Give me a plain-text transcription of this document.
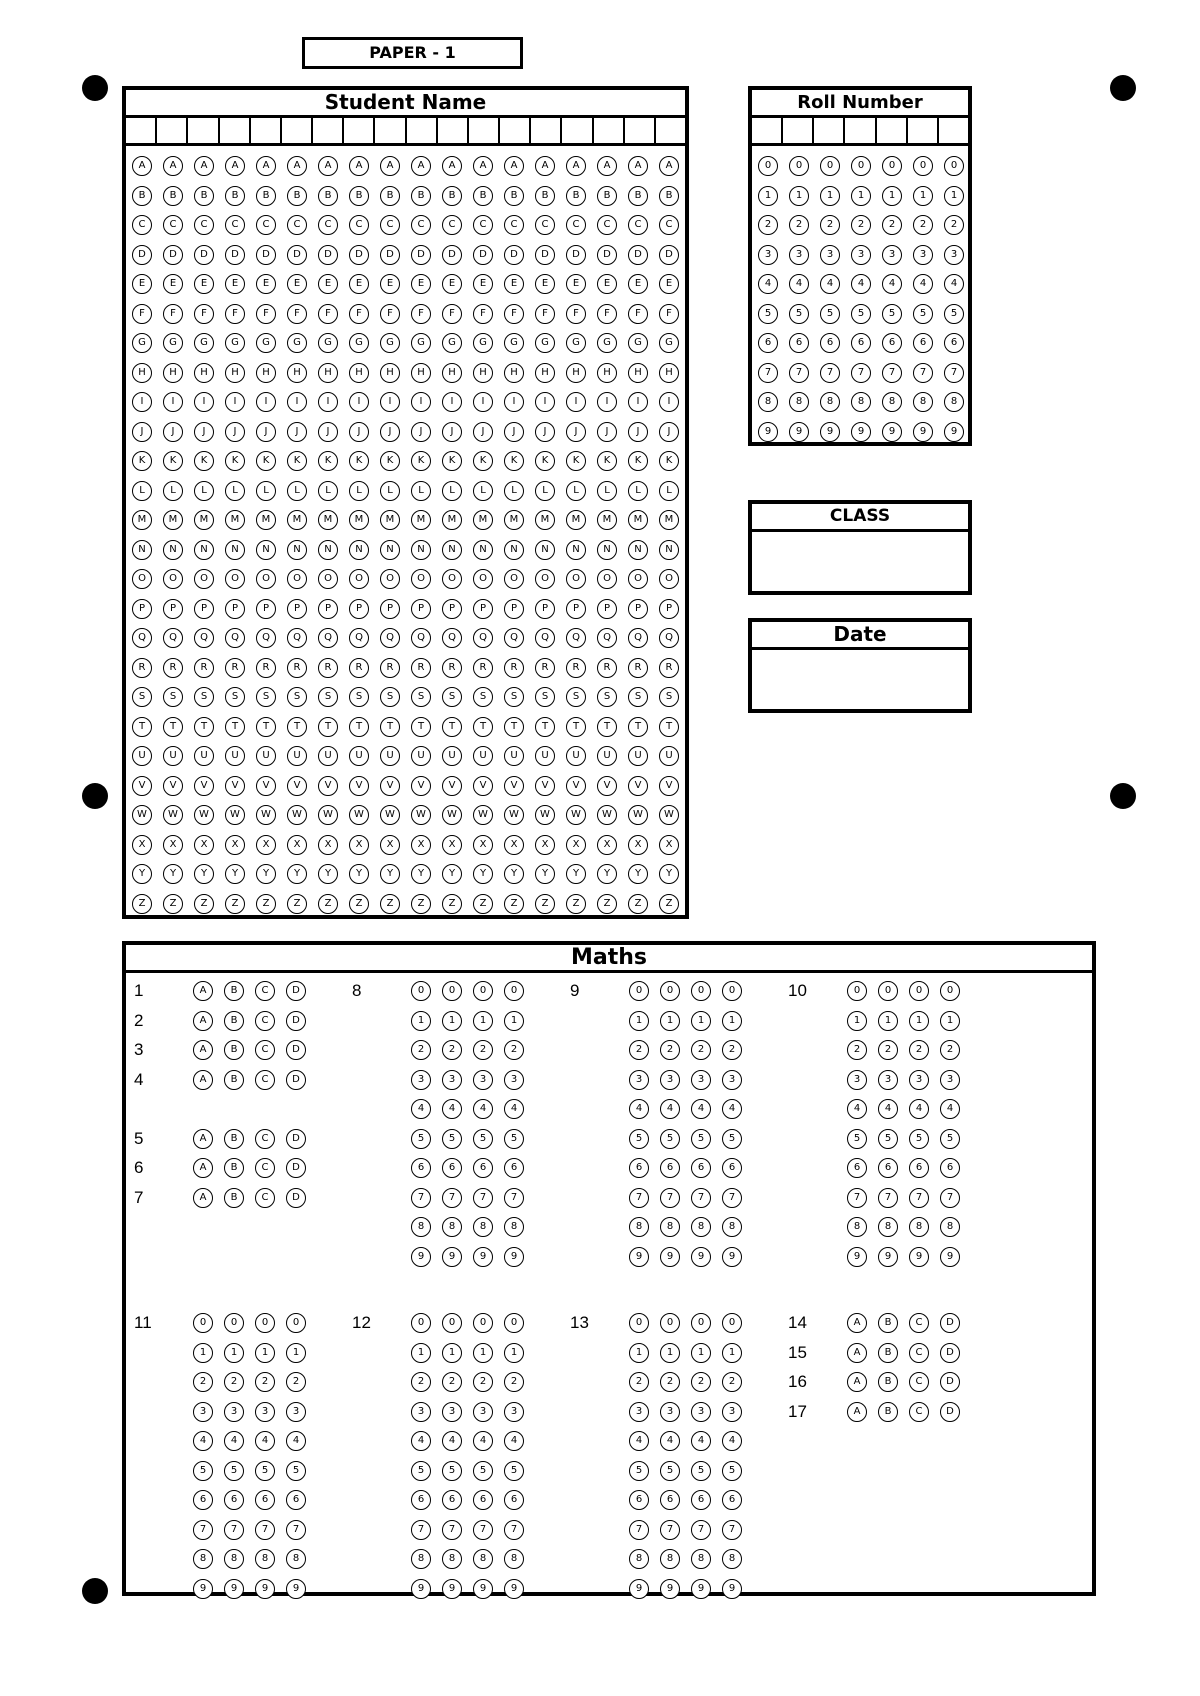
PAPER - 1
Student Name
A	A	A	A	A	A	A	A	A	A	A	A	A	A	A	A	A	A
B	B	B	B	B	B	B	B	B	B	B	B	B	B	B	B	B	B
C	C	C	C	C	C	C	C	C	C	C	C	C	C	C	C	C	C
D	D	D	D	D	D	D	D	D	D	D	D	D	D	D	D	D	D
E	E	E	E	E	E	E	E	E	E	E	E	E	E	E	E	E	E
F	F	F	F	F	F	F	F	F	F	F	F	F	F	F	F	F	F
G	G	G	G	G	G	G	G	G	G	G	G	G	G	G	G	G	G
H	H	H	H	H	H	H	H	H	H	H	H	H	H	H	H	H	H
I	I	I	I	I	I	I	I	I	I	I	I	I	I	I	I	I	I
J	J	J	J	J	J	J	J	J	J	J	J	J	J	J	J	J	J
K	K	K	K	K	K	K	K	K	K	K	K	K	K	K	K	K	K
L	L	L	L	L	L	L	L	L	L	L	L	L	L	L	L	L	L
M	M	M	M	M	M	M	M	M	M	M	M	M	M	M	M	M	M
N	N	N	N	N	N	N	N	N	N	N	N	N	N	N	N	N	N
O	O	O	O	O	O	O	O	O	O	O	O	O	O	O	O	O	O
P	P	P	P	P	P	P	P	P	P	P	P	P	P	P	P	P	P
Q	Q	Q	Q	Q	Q	Q	Q	Q	Q	Q	Q	Q	Q	Q	Q	Q	Q
R	R	R	R	R	R	R	R	R	R	R	R	R	R	R	R	R	R
S	S	S	S	S	S	S	S	S	S	S	S	S	S	S	S	S	S
T	T	T	T	T	T	T	T	T	T	T	T	T	T	T	T	T	T
U	U	U	U	U	U	U	U	U	U	U	U	U	U	U	U	U	U
V	V	V	V	V	V	V	V	V	V	V	V	V	V	V	V	V	V
W	W	W	W	W	W	W	W	W	W	W	W	W	W	W	W	W	W
X	X	X	X	X	X	X	X	X	X	X	X	X	X	X	X	X	X
Y	Y	Y	Y	Y	Y	Y	Y	Y	Y	Y	Y	Y	Y	Y	Y	Y	Y
Z	Z	Z	Z	Z	Z	Z	Z	Z	Z	Z	Z	Z	Z	Z	Z	Z	Z
Roll Number
0	0	0	0	0	0	0
1	1	1	1	1	1	1
2	2	2	2	2	2	2
3	3	3	3	3	3	3
4	4	4	4	4	4	4
5	5	5	5	5	5	5
6	6	6	6	6	6	6
7	7	7	7	7	7	7
8	8	8	8	8	8	8
9	9	9	9	9	9	9
CLASS
Date
Maths
1	A	B	C	D
2	A	B	C	D
3	A	B	C	D
4	A	B	C	D
5	A	B	C	D
6	A	B	C	D
7	A	B	C	D
8	0	0	0	0
1	1	1	1
2	2	2	2
3	3	3	3
4	4	4	4
5	5	5	5
6	6	6	6
7	7	7	7
8	8	8	8
9	9	9	9
9	0	0	0	0
1	1	1	1
2	2	2	2
3	3	3	3
4	4	4	4
5	5	5	5
6	6	6	6
7	7	7	7
8	8	8	8
9	9	9	9
10	0	0	0	0
1	1	1	1
2	2	2	2
3	3	3	3
4	4	4	4
5	5	5	5
6	6	6	6
7	7	7	7
8	8	8	8
9	9	9	9
11	0	0	0	0
1	1	1	1
2	2	2	2
3	3	3	3
4	4	4	4
5	5	5	5
6	6	6	6
7	7	7	7
8	8	8	8
9	9	9	9
12	0	0	0	0
1	1	1	1
2	2	2	2
3	3	3	3
4	4	4	4
5	5	5	5
6	6	6	6
7	7	7	7
8	8	8	8
9	9	9	9
13	0	0	0	0
1	1	1	1
2	2	2	2
3	3	3	3
4	4	4	4
5	5	5	5
6	6	6	6
7	7	7	7
8	8	8	8
9	9	9	9
14	A	B	C	D
15	A	B	C	D
16	A	B	C	D
17	A	B	C	D
